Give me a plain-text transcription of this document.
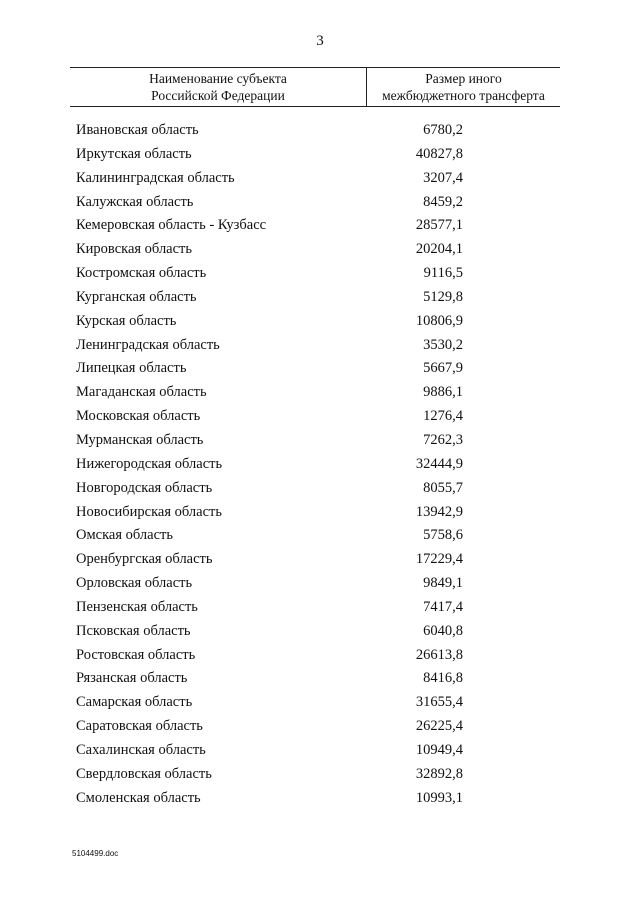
3
Наименование субъекта
Российской Федерации
Размер иного
межбюджетного трансферта
Ивановская область	6780,2
Иркутская область	40827,8
Калининградская область	3207,4
Калужская область	8459,2
Кемеровская область - Кузбасс	28577,1
Кировская область	20204,1
Костромская область	9116,5
Курганская область	5129,8
Курская область	10806,9
Ленинградская область	3530,2
Липецкая область	5667,9
Магаданская область	9886,1
Московская область	1276,4
Мурманская область	7262,3
Нижегородская область	32444,9
Новгородская область	8055,7
Новосибирская область	13942,9
Омская область	5758,6
Оренбургская область	17229,4
Орловская область	9849,1
Пензенская область	7417,4
Псковская область	6040,8
Ростовская область	26613,8
Рязанская область	8416,8
Самарская область	31655,4
Саратовская область	26225,4
Сахалинская область	10949,4
Свердловская область	32892,8
Смоленская область	10993,1
5104499.doc
